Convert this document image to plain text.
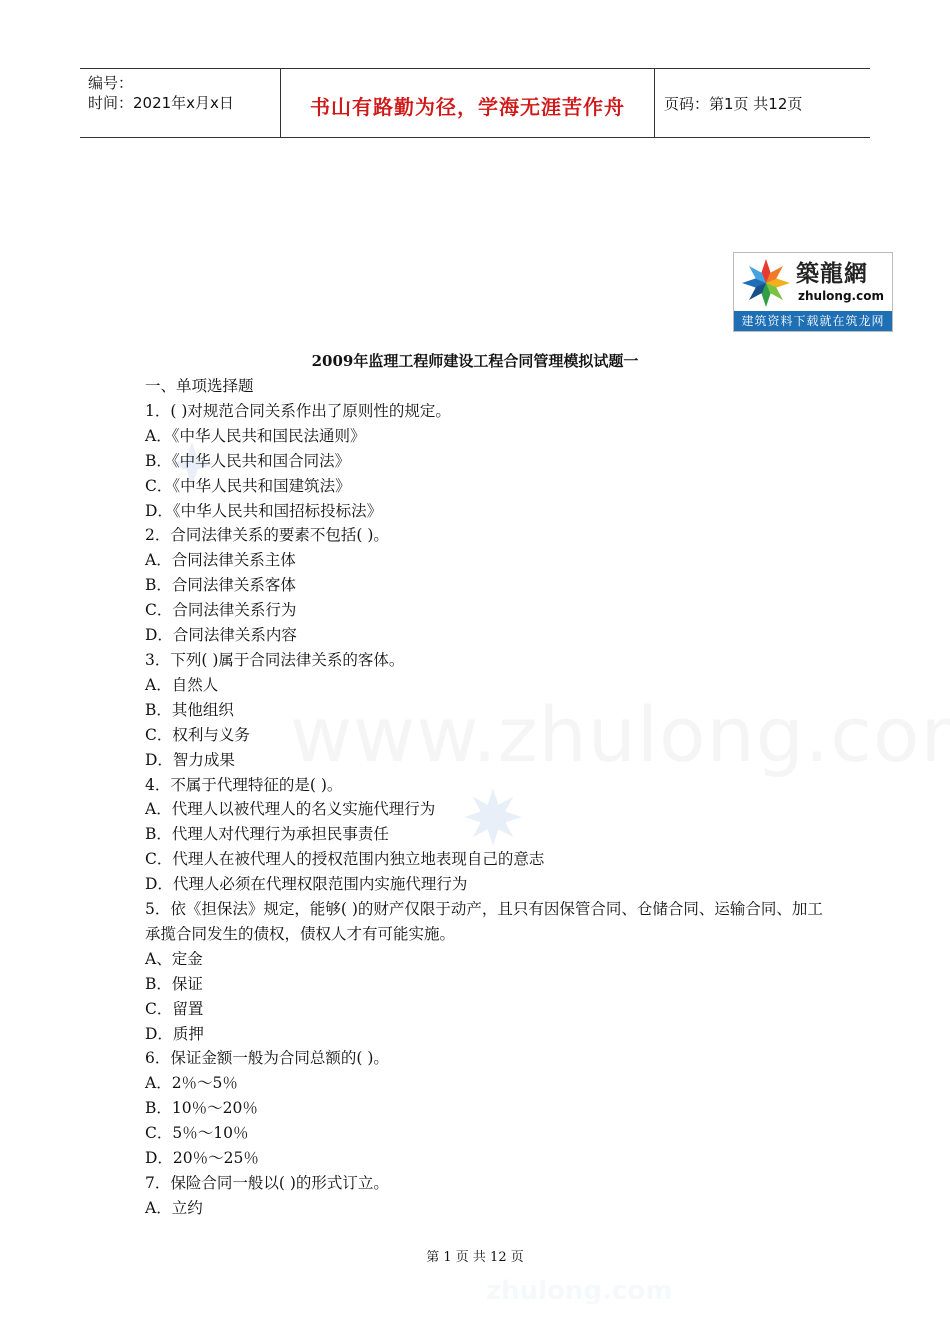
编号：
时间：2021年x月x日	书山有路勤为径，学海无涯苦作舟	页码：第1页 共12页
築龍網
zhulong.com
建筑资料下载就在筑龙网
2009年监理工程师建设工程合同管理模拟试题一
一、单项选择题
1．( )对规范合同关系作出了原则性的规定。
A．《中华人民共和国民法通则》
B．《中华人民共和国合同法》
C．《中华人民共和国建筑法》
D．《中华人民共和国招标投标法》
2．合同法律关系的要素不包括( )。
A．合同法律关系主体
B．合同法律关系客体
C．合同法律关系行为
D．合同法律关系内容
3．下列( )属于合同法律关系的客体。
A．自然人
B．其他组织
C．权利与义务
D．智力成果
4．不属于代理特征的是( )。
A．代理人以被代理人的名义实施代理行为
B．代理人对代理行为承担民事责任
C．代理人在被代理人的授权范围内独立地表现自己的意志
D．代理人必须在代理权限范围内实施代理行为
5．依《担保法》规定，能够( )的财产仅限于动产，且只有因保管合同、仓储合同、运输合同、加工承揽合同发生的债权，债权人才有可能实施。
A、定金
B．保证
C．留置
D．质押
6．保证金额一般为合同总额的( )。
A．2％～5％
B．10％～20％
C．5％～10％
D．20％～25％
7．保险合同一般以( )的形式订立。
A．立约
第 1 页 共 12 页
zhulong.com
